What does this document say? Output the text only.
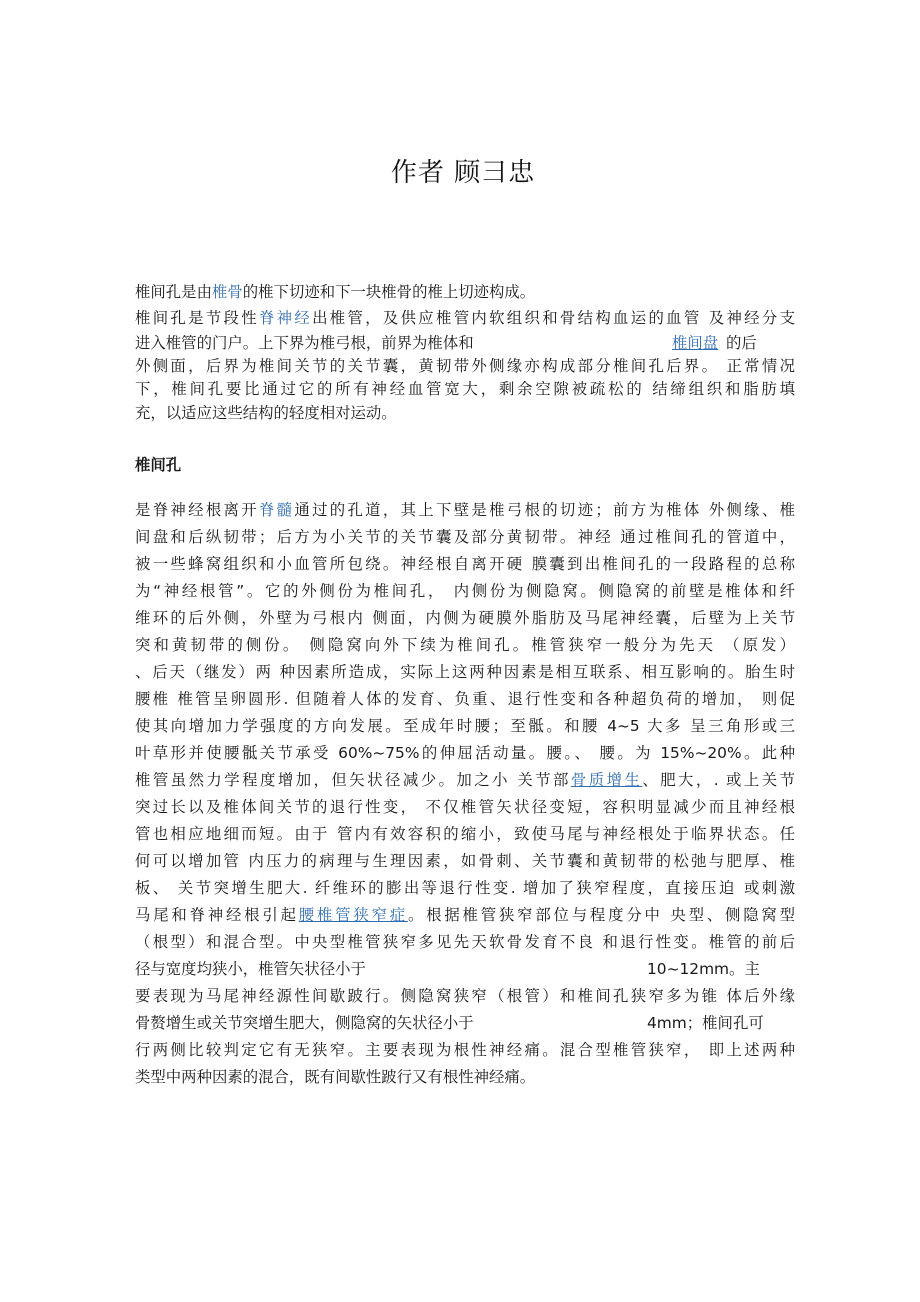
作者 顾彐忠
椎间孔是由椎骨的椎下切迹和下一块椎骨的椎上切迹构成。
椎间孔是节段性脊神经出椎管，及供应椎管内软组织和骨结构血运的血管 及神经分支
进入椎管的门户。上下界为椎弓根，前界为椎体和	椎间盘 的后
外侧面，后界为椎间关节的关节囊，黄韧带外侧缘亦构成部分椎间孔后界。 正常情况
下，椎间孔要比通过它的所有神经血管宽大，剩余空隙被疏松的 结缔组织和脂肪填
充，以适应这些结构的轻度相对运动。
椎间孔
是脊神经根离开脊髓通过的孔道，其上下壁是椎弓根的切迹；前方为椎体 外侧缘、椎
间盘和后纵韧带；后方为小关节的关节囊及部分黄韧带。神经 通过椎间孔的管道中，
被一些蜂窝组织和小血管所包绕。神经根自离开硬 膜囊到出椎间孔的一段路程的总称
为“神经根管”。它的外侧份为椎间孔， 内侧份为侧隐窝。侧隐窝的前壁是椎体和纤
维环的后外侧，外壁为弓根内 侧面，内侧为硬膜外脂肪及马尾神经囊，后壁为上关节
突和黄韧带的侧份。 侧隐窝向外下续为椎间孔。椎管狭窄一般分为先天 （原发）
、后天（继发）两 种因素所造成，实际上这两种因素是相互联系、相互影响的。胎生时
腰椎 椎管呈卵圆形. 但随着人体的发育、负重、退行性变和各种超负荷的增加， 则促
使其向增加力学强度的方向发展。至成年时腰；至骶。和腰 4~5 大多 呈三角形或三
叶草形并使腰骶关节承受 60%~75%的伸屈活动量。腰。、 腰。为 15%~20%。此种
椎管虽然力学程度增加，但矢状径减少。加之小 关节部骨质增生、肥大，. 或上关节
突过长以及椎体间关节的退行性变， 不仅椎管矢状径变短，容积明显减少而且神经根
管也相应地细而短。由于 管内有效容积的缩小，致使马尾与神经根处于临界状态。任
何可以增加管 内压力的病理与生理因素，如骨刺、关节囊和黄韧带的松弛与肥厚、椎
板、 关节突增生肥大. 纤维环的膨出等退行性变. 增加了狭窄程度，直接压迫 或刺激
马尾和脊神经根引起腰椎管狭窄症。根据椎管狭窄部位与程度分中 央型、侧隐窝型
（根型）和混合型。中央型椎管狭窄多见先天软骨发育不良 和退行性变。椎管的前后
径与宽度均狭小，椎管矢状径小于	10~12mm。主
要表现为马尾神经源性间歇跛行。侧隐窝狭窄（根管）和椎间孔狭窄多为锥 体后外缘
骨赘增生或关节突增生肥大，侧隐窝的矢状径小于	4mm；椎间孔可
行两侧比较判定它有无狭窄。主要表现为根性神经痛。混合型椎管狭窄， 即上述两种
类型中两种因素的混合，既有间歇性跛行又有根性神经痛。
